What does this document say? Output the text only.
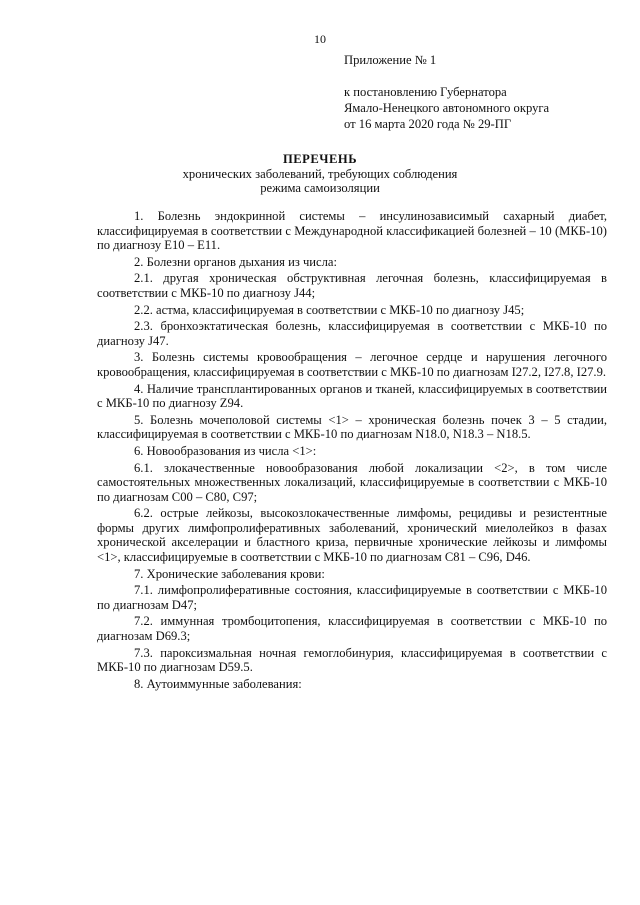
10
Приложение № 1
к постановлению Губернатора
Ямало-Ненецкого автономного округа
от 16 марта 2020 года № 29-ПГ
ПЕРЕЧЕНЬ
хронических заболеваний, требующих соблюдения
режима самоизоляции

1. Болезнь эндокринной системы – инсулинозависимый сахарный диабет, классифицируемая в соответствии с Международной классификацией болезней – 10 (МКБ-10) по диагнозу Е10 – Е11.

2. Болезни органов дыхания из числа:

2.1. другая хроническая обструктивная легочная болезнь, классифицируемая в соответствии с МКБ-10 по диагнозу J44;

2.2. астма, классифицируемая в соответствии с МКБ-10 по диагнозу J45;

2.3. бронхоэктатическая болезнь, классифицируемая в соответствии с МКБ-10 по диагнозу J47.

3. Болезнь системы кровообращения – легочное сердце и нарушения легочного кровообращения, классифицируемая в соответствии с МКБ-10 по диагнозам I27.2, I27.8, I27.9.

4. Наличие трансплантированных органов и тканей, классифицируемых в соответствии с МКБ-10 по диагнозу Z94.

5. Болезнь мочеполовой системы <1> – хроническая болезнь почек 3 – 5 стадии, классифицируемая в соответствии с МКБ-10 по диагнозам N18.0, N18.3 – N18.5.

6. Новообразования из числа <1>:

6.1. злокачественные новообразования любой локализации <2>, в том числе самостоятельных множественных локализаций, классифицируемые в соответствии с МКБ-10 по диагнозам С00 – С80, С97;

6.2. острые лейкозы, высокозлокачественные лимфомы, рецидивы и резистентные формы других лимфопролиферативных заболеваний, хронический миелолейкоз в фазах хронической акселерации и бластного криза, первичные хронические лейкозы и лимфомы <1>, классифицируемые в соответствии с МКБ-10 по диагнозам С81 – С96, D46.

7. Хронические заболевания крови:

7.1. лимфопролиферативные состояния, классифицируемые в соответствии с МКБ-10 по диагнозам D47;

7.2. иммунная тромбоцитопения, классифицируемая в соответствии с МКБ-10 по диагнозам D69.3;

7.3. пароксизмальная ночная гемоглобинурия, классифицируемая в соответствии с МКБ-10 по диагнозам D59.5.

8. Аутоиммунные заболевания:
